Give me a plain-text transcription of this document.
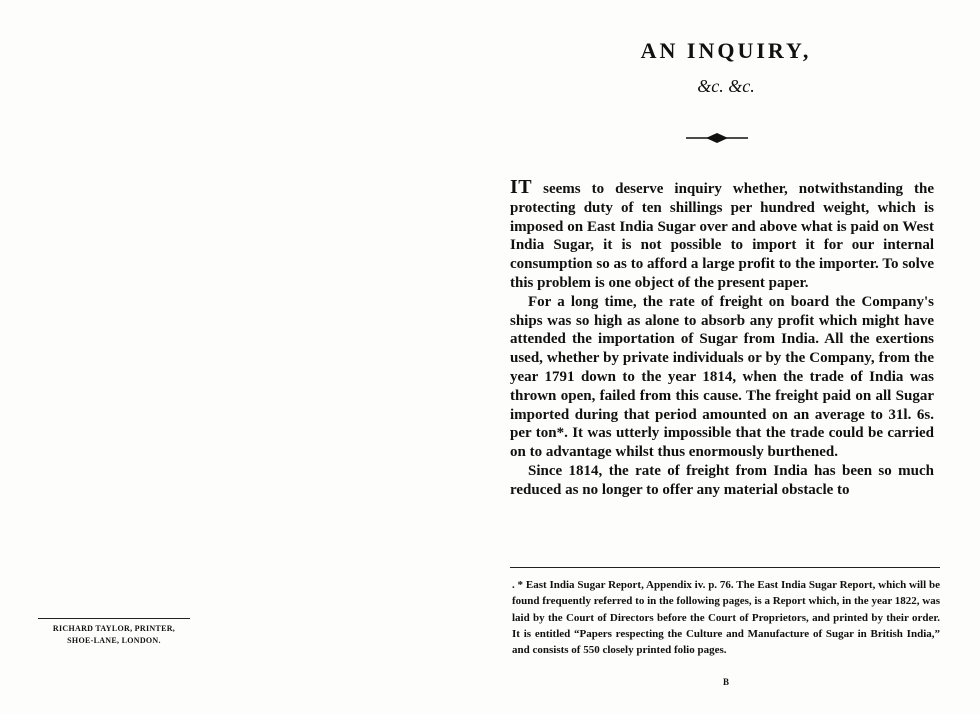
RICHARD TAYLOR, PRINTER,
SHOE-LANE, LONDON.
AN INQUIRY,
&c. &c.

IT seems to deserve inquiry whether, notwithstanding the protecting duty of ten shillings per hundred weight, which is imposed on East India Sugar over and above what is paid on West India Sugar, it is not possible to import it for our internal consumption so as to afford a large profit to the importer. To solve this problem is one object of the present paper.

For a long time, the rate of freight on board the Company's ships was so high as alone to absorb any profit which might have attended the importation of Sugar from India. All the exertions used, whether by private individuals or by the Company, from the year 1791 down to the year 1814, when the trade of India was thrown open, failed from this cause. The freight paid on all Sugar imported during that period amounted on an average to 31l. 6s. per ton*. It was utterly impossible that the trade could be carried on to advantage whilst thus enormously burthened.

Since 1814, the rate of freight from India has been so much reduced as no longer to offer any material obstacle to

. * East India Sugar Report, Appendix iv. p. 76. The East India Sugar Report, which will be found frequently referred to in the following pages, is a Report which, in the year 1822, was laid by the Court of Directors before the Court of Proprietors, and printed by their order. It is entitled “Papers respecting the Culture and Manufacture of Sugar in British India,” and consists of 550 closely printed folio pages.
B
